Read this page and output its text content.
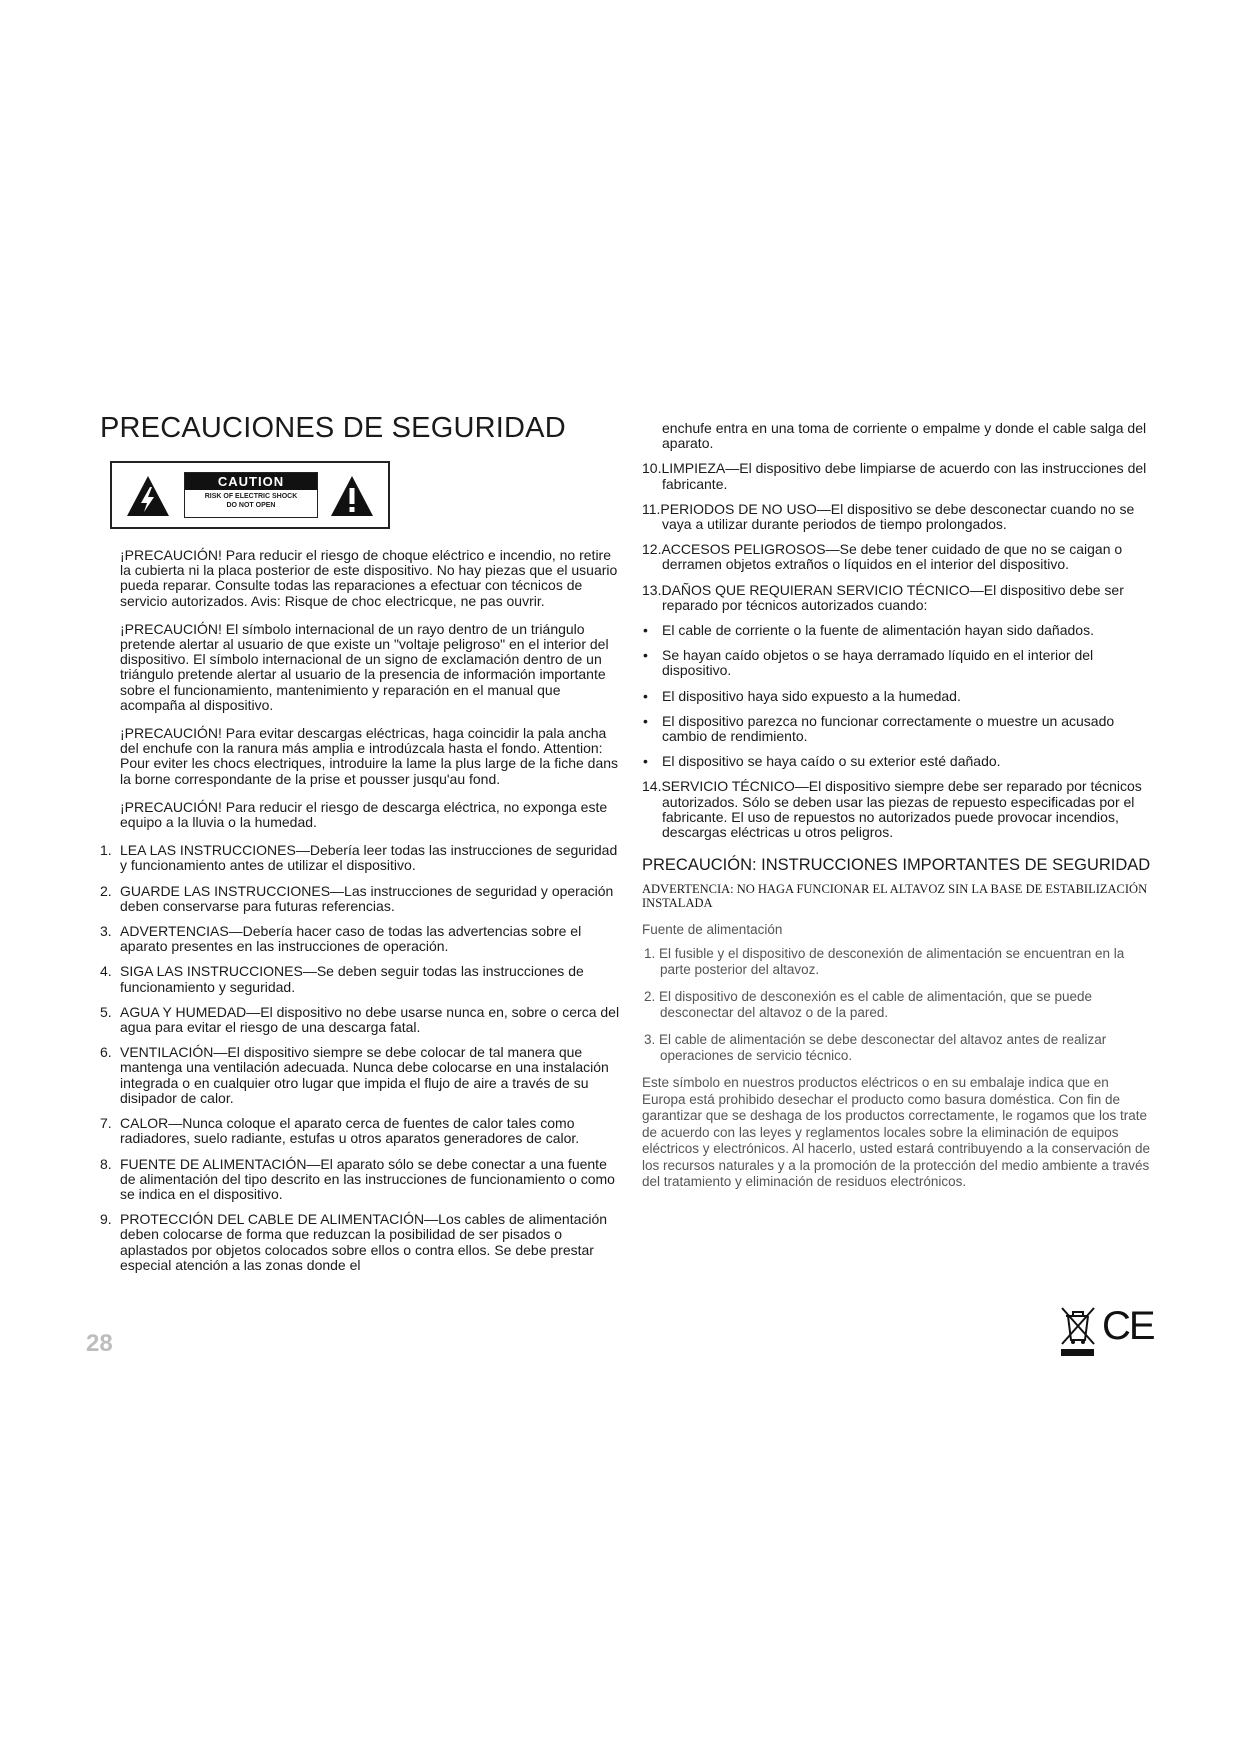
PRECAUCIONES DE SEGURIDAD
CAUTION
RISK OF ELECTRIC SHOCK
DO NOT OPEN

¡PRECAUCIÓN! Para reducir el riesgo de choque eléctrico e incendio, no retire la cubierta ni la placa posterior de este dispositivo. No hay piezas que el usuario pueda reparar. Consulte todas las reparaciones a efectuar con técnicos de servicio autorizados. Avis: Risque de choc electricque, ne pas ouvrir.

¡PRECAUCIÓN! El símbolo internacional de un rayo dentro de un triángulo pretende alertar al usuario de que existe un "voltaje peligroso" en el interior del dispositivo. El símbolo internacional de un signo de exclamación dentro de un triángulo pretende alertar al usuario de la presencia de información importante sobre el funcionamiento, mantenimiento y reparación en el manual que acompaña al dispositivo.

¡PRECAUCIÓN! Para evitar descargas eléctricas, haga coincidir la pala ancha del enchufe con la ranura más amplia e introdúzcala hasta el fondo. Attention: Pour eviter les chocs electriques, introduire la lame la plus large de la fiche dans la borne correspondante de la prise et pousser jusqu'au fond.

¡PRECAUCIÓN! Para reducir el riesgo de descarga eléctrica, no exponga este equipo a la lluvia o la humedad.

1. LEA LAS INSTRUCCIONES—Debería leer todas las instrucciones de seguridad y funcionamiento antes de utilizar el dispositivo.
2. GUARDE LAS INSTRUCCIONES—Las instrucciones de seguridad y operación deben conservarse para futuras referencias.
3. ADVERTENCIAS—Debería hacer caso de todas las advertencias sobre el aparato presentes en las instrucciones de operación.
4. SIGA LAS INSTRUCCIONES—Se deben seguir todas las instrucciones de funcionamiento y seguridad.
5. AGUA Y HUMEDAD—El dispositivo no debe usarse nunca en, sobre o cerca del agua para evitar el riesgo de una descarga fatal.
6. VENTILACIÓN—El dispositivo siempre se debe colocar de tal manera que mantenga una ventilación adecuada. Nunca debe colocarse en una instalación integrada o en cualquier otro lugar que impida el flujo de aire a través de su disipador de calor.
7. CALOR—Nunca coloque el aparato cerca de fuentes de calor tales como radiadores, suelo radiante, estufas u otros aparatos generadores de calor.
8. FUENTE DE ALIMENTACIÓN—El aparato sólo se debe conectar a una fuente de alimentación del tipo descrito en las instrucciones de funcionamiento o como se indica en el dispositivo.
9. PROTECCIÓN DEL CABLE DE ALIMENTACIÓN—Los cables de alimentación deben colocarse de forma que reduzcan la posibilidad de ser pisados o aplastados por objetos colocados sobre ellos o contra ellos. Se debe prestar especial atención a las zonas donde el

enchufe entra en una toma de corriente o empalme y donde el cable salga del aparato.

10.LIMPIEZA—El dispositivo debe limpiarse de acuerdo con las instrucciones del fabricante.

11.PERIODOS DE NO USO—El dispositivo se debe desconectar cuando no se vaya a utilizar durante periodos de tiempo prolongados.

12.ACCESOS PELIGROSOS—Se debe tener cuidado de que no se caigan o derramen objetos extraños o líquidos en el interior del dispositivo.

13.DAÑOS QUE REQUIERAN SERVICIO TÉCNICO—El dispositivo debe ser reparado por técnicos autorizados cuando:

• El cable de corriente o la fuente de alimentación hayan sido dañados.

• Se hayan caído objetos o se haya derramado líquido en el interior del dispositivo.

• El dispositivo haya sido expuesto a la humedad.

• El dispositivo parezca no funcionar correctamente o muestre un acusado cambio de rendimiento.

• El dispositivo se haya caído o su exterior esté dañado.

14.SERVICIO TÉCNICO—El dispositivo siempre debe ser reparado por técnicos autorizados. Sólo se deben usar las piezas de repuesto especificadas por el fabricante. El uso de repuestos no autorizados puede provocar incendios, descargas eléctricas u otros peligros.

PRECAUCIÓN: INSTRUCCIONES IMPORTANTES DE SEGURIDAD

ADVERTENCIA: NO HAGA FUNCIONAR EL ALTAVOZ SIN LA BASE DE ESTABILIZACIÓN INSTALADA

Fuente de alimentación

1. El fusible y el dispositivo de desconexión de alimentación se encuentran en la parte posterior del altavoz.

2. El dispositivo de desconexión es el cable de alimentación, que se puede desconectar del altavoz o de la pared.

3. El cable de alimentación se debe desconectar del altavoz antes de realizar operaciones de servicio técnico.

Este símbolo en nuestros productos eléctricos o en su embalaje indica que en Europa está prohibido desechar el producto como basura doméstica. Con fin de garantizar que se deshaga de los productos correctamente, le rogamos que los trate de acuerdo con las leyes y reglamentos locales sobre la eliminación de equipos eléctricos y electrónicos. Al hacerlo, usted estará contribuyendo a la conservación de los recursos naturales y a la promoción de la protección del medio ambiente a través del tratamiento y eliminación de residuos electrónicos.

28	CE
